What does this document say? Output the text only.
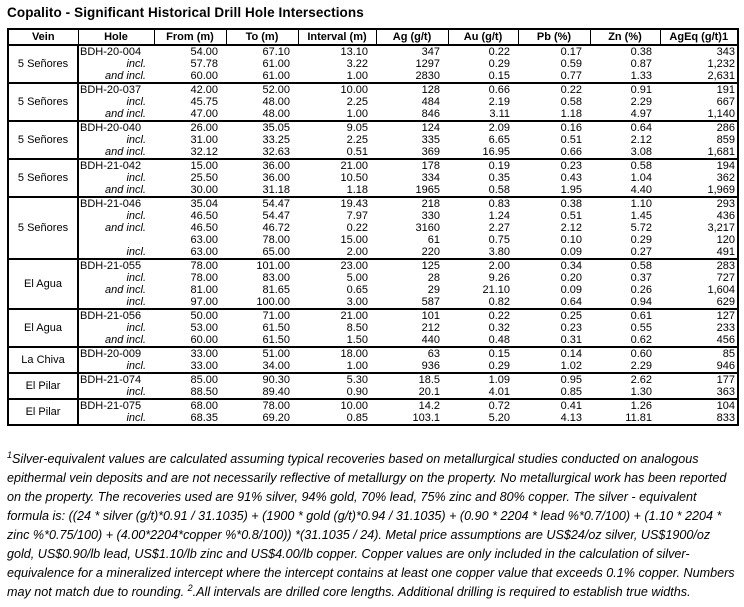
Copalito - Significant Historical Drill Hole Intersections
Vein	Hole	From (m)	To (m)	Interval (m)	Ag (g/t)	Au (g/t)	Pb (%)	Zn (%)	AgEq (g/t)1
5 Señores	BDH-20-004	54.00	67.10	13.10	347	0.22	0.17	0.38	343
	incl.	57.78	61.00	3.22	1297	0.29	0.59	0.87	1,232
	and incl.	60.00	61.00	1.00	2830	0.15	0.77	1.33	2,631
5 Señores	BDH-20-037	42.00	52.00	10.00	128	0.66	0.22	0.91	191
	incl.	45.75	48.00	2.25	484	2.19	0.58	2.29	667
	and incl.	47.00	48.00	1.00	846	3.11	1.18	4.97	1,140
5 Señores	BDH-20-040	26.00	35.05	9.05	124	2.09	0.16	0.64	286
	incl.	31.00	33.25	2.25	335	6.65	0.51	2.12	859
	and incl.	32.12	32.63	0.51	369	16.95	0.66	3.08	1,681
5 Señores	BDH-21-042	15.00	36.00	21.00	178	0.19	0.23	0.58	194
	incl.	25.50	36.00	10.50	334	0.35	0.43	1.04	362
	and incl.	30.00	31.18	1.18	1965	0.58	1.95	4.40	1,969
5 Señores	BDH-21-046	35.04	54.47	19.43	218	0.83	0.38	1.10	293
	incl.	46.50	54.47	7.97	330	1.24	0.51	1.45	436
	and incl.	46.50	46.72	0.22	3160	2.27	2.12	5.72	3,217
		63.00	78.00	15.00	61	0.75	0.10	0.29	120
	incl.	63.00	65.00	2.00	220	3.80	0.09	0.27	491
El Agua	BDH-21-055	78.00	101.00	23.00	125	2.00	0.34	0.58	283
	incl.	78.00	83.00	5.00	28	9.26	0.20	0.37	727
	and incl.	81.00	81.65	0.65	29	21.10	0.09	0.26	1,604
	incl.	97.00	100.00	3.00	587	0.82	0.64	0.94	629
El Agua	BDH-21-056	50.00	71.00	21.00	101	0.22	0.25	0.61	127
	incl.	53.00	61.50	8.50	212	0.32	0.23	0.55	233
	and incl.	60.00	61.50	1.50	440	0.48	0.31	0.62	456
La Chiva	BDH-20-009	33.00	51.00	18.00	63	0.15	0.14	0.60	85
	incl.	33.00	34.00	1.00	936	0.29	1.02	2.29	946
El Pilar	BDH-21-074	85.00	90.30	5.30	18.5	1.09	0.95	2.62	177
	incl.	88.50	89.40	0.90	20.1	4.01	0.85	1.30	363
El Pilar	BDH-21-075	68.00	78.00	10.00	14.2	0.72	0.41	1.26	104
	incl.	68.35	69.20	0.85	103.1	5.20	4.13	11.81	833
$^1$Silver-equivalent values are calculated assuming typical recoveries based on metallurgical studies conducted on analogous epithermal vein deposits and are not necessarily reflective of metallurgy on the property. No metallurgical work has been reported on the property. The recoveries used are 91% silver, 94% gold, 70% lead, 75% zinc and 80% copper. The silver - equivalent formula is: ((24 * silver (g/t)*0.91 / 31.1035) + (1900 * gold (g/t)*0.94 / 31.1035) + (0.90 * 2204 * lead %*0.7/100) + (1.10 * 2204 * zinc %*0.75/100) + (4.00*2204*copper %*0.8/100)) *(31.1035 / 24). Metal price assumptions are US$24/oz silver, US$1900/oz gold, US$0.90/lb lead, US$1.10/lb zinc and US$4.00/lb copper. Copper values are only included in the calculation of silver-equivalence for a mineralized intercept where the intercept contains at least one copper value that exceeds 0.1% copper. Numbers may not match due to rounding. $^2$.All intervals are drilled core lengths. Additional drilling is required to establish true widths.
